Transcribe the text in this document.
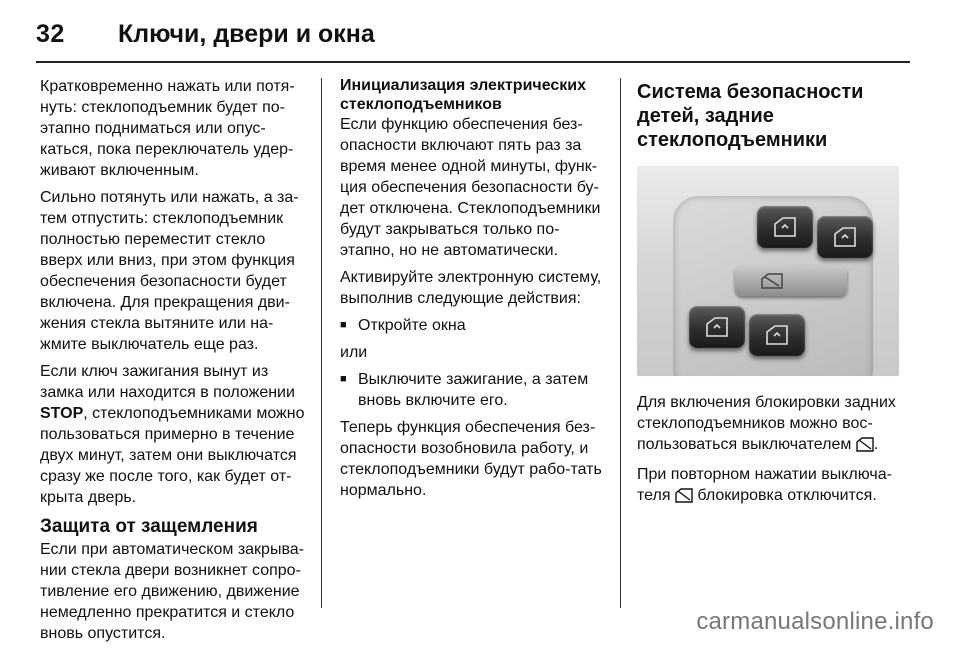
32 Ключи, двери и окна

Кратковременно нажать или потя-нуть: стеклоподъемник будет по-этапно подниматься или опус-каться, пока переключатель удер-живают включенным.

Сильно потянуть или нажать, а за-тем отпустить: стеклоподъемник полностью переместит стекло вверх или вниз, при этом функция обеспечения безопасности будет включена. Для прекращения дви-жения стекла вытяните или на-жмите выключатель еще раз.

Если ключ зажигания вынут из замка или находится в положении STOP, стеклоподъемниками можно пользоваться примерно в течение двух минут, затем они выключатся сразу же после того, как будет от-крыта дверь.

Защита от защемления

Если при автоматическом закрыва-нии стекла двери возникнет сопро-тивление его движению, движение немедленно прекратится и стекло вновь опустится.

Инициализация электрических стеклоподъемников

Если функцию обеспечения без-опасности включают пять раз за время менее одной минуты, функ-ция обеспечения безопасности бу-дет отключена. Стеклоподъемники будут закрываться только по-этапно, но не автоматически.

Активируйте электронную систему, выполнив следующие действия:

■ Откройте окна

или

■ Выключите зажигание, а затем вновь включите его.

Теперь функция обеспечения без-опасности возобновила работу, и стеклоподъемники будут рабо-тать нормально.

Система безопасности детей, задние стеклоподъемники

Для включения блокировки задних стеклоподъемников можно вос-пользоваться выключателем .

При повторном нажатии выключа-теля  блокировка отключится.

carmanualsonline.info
